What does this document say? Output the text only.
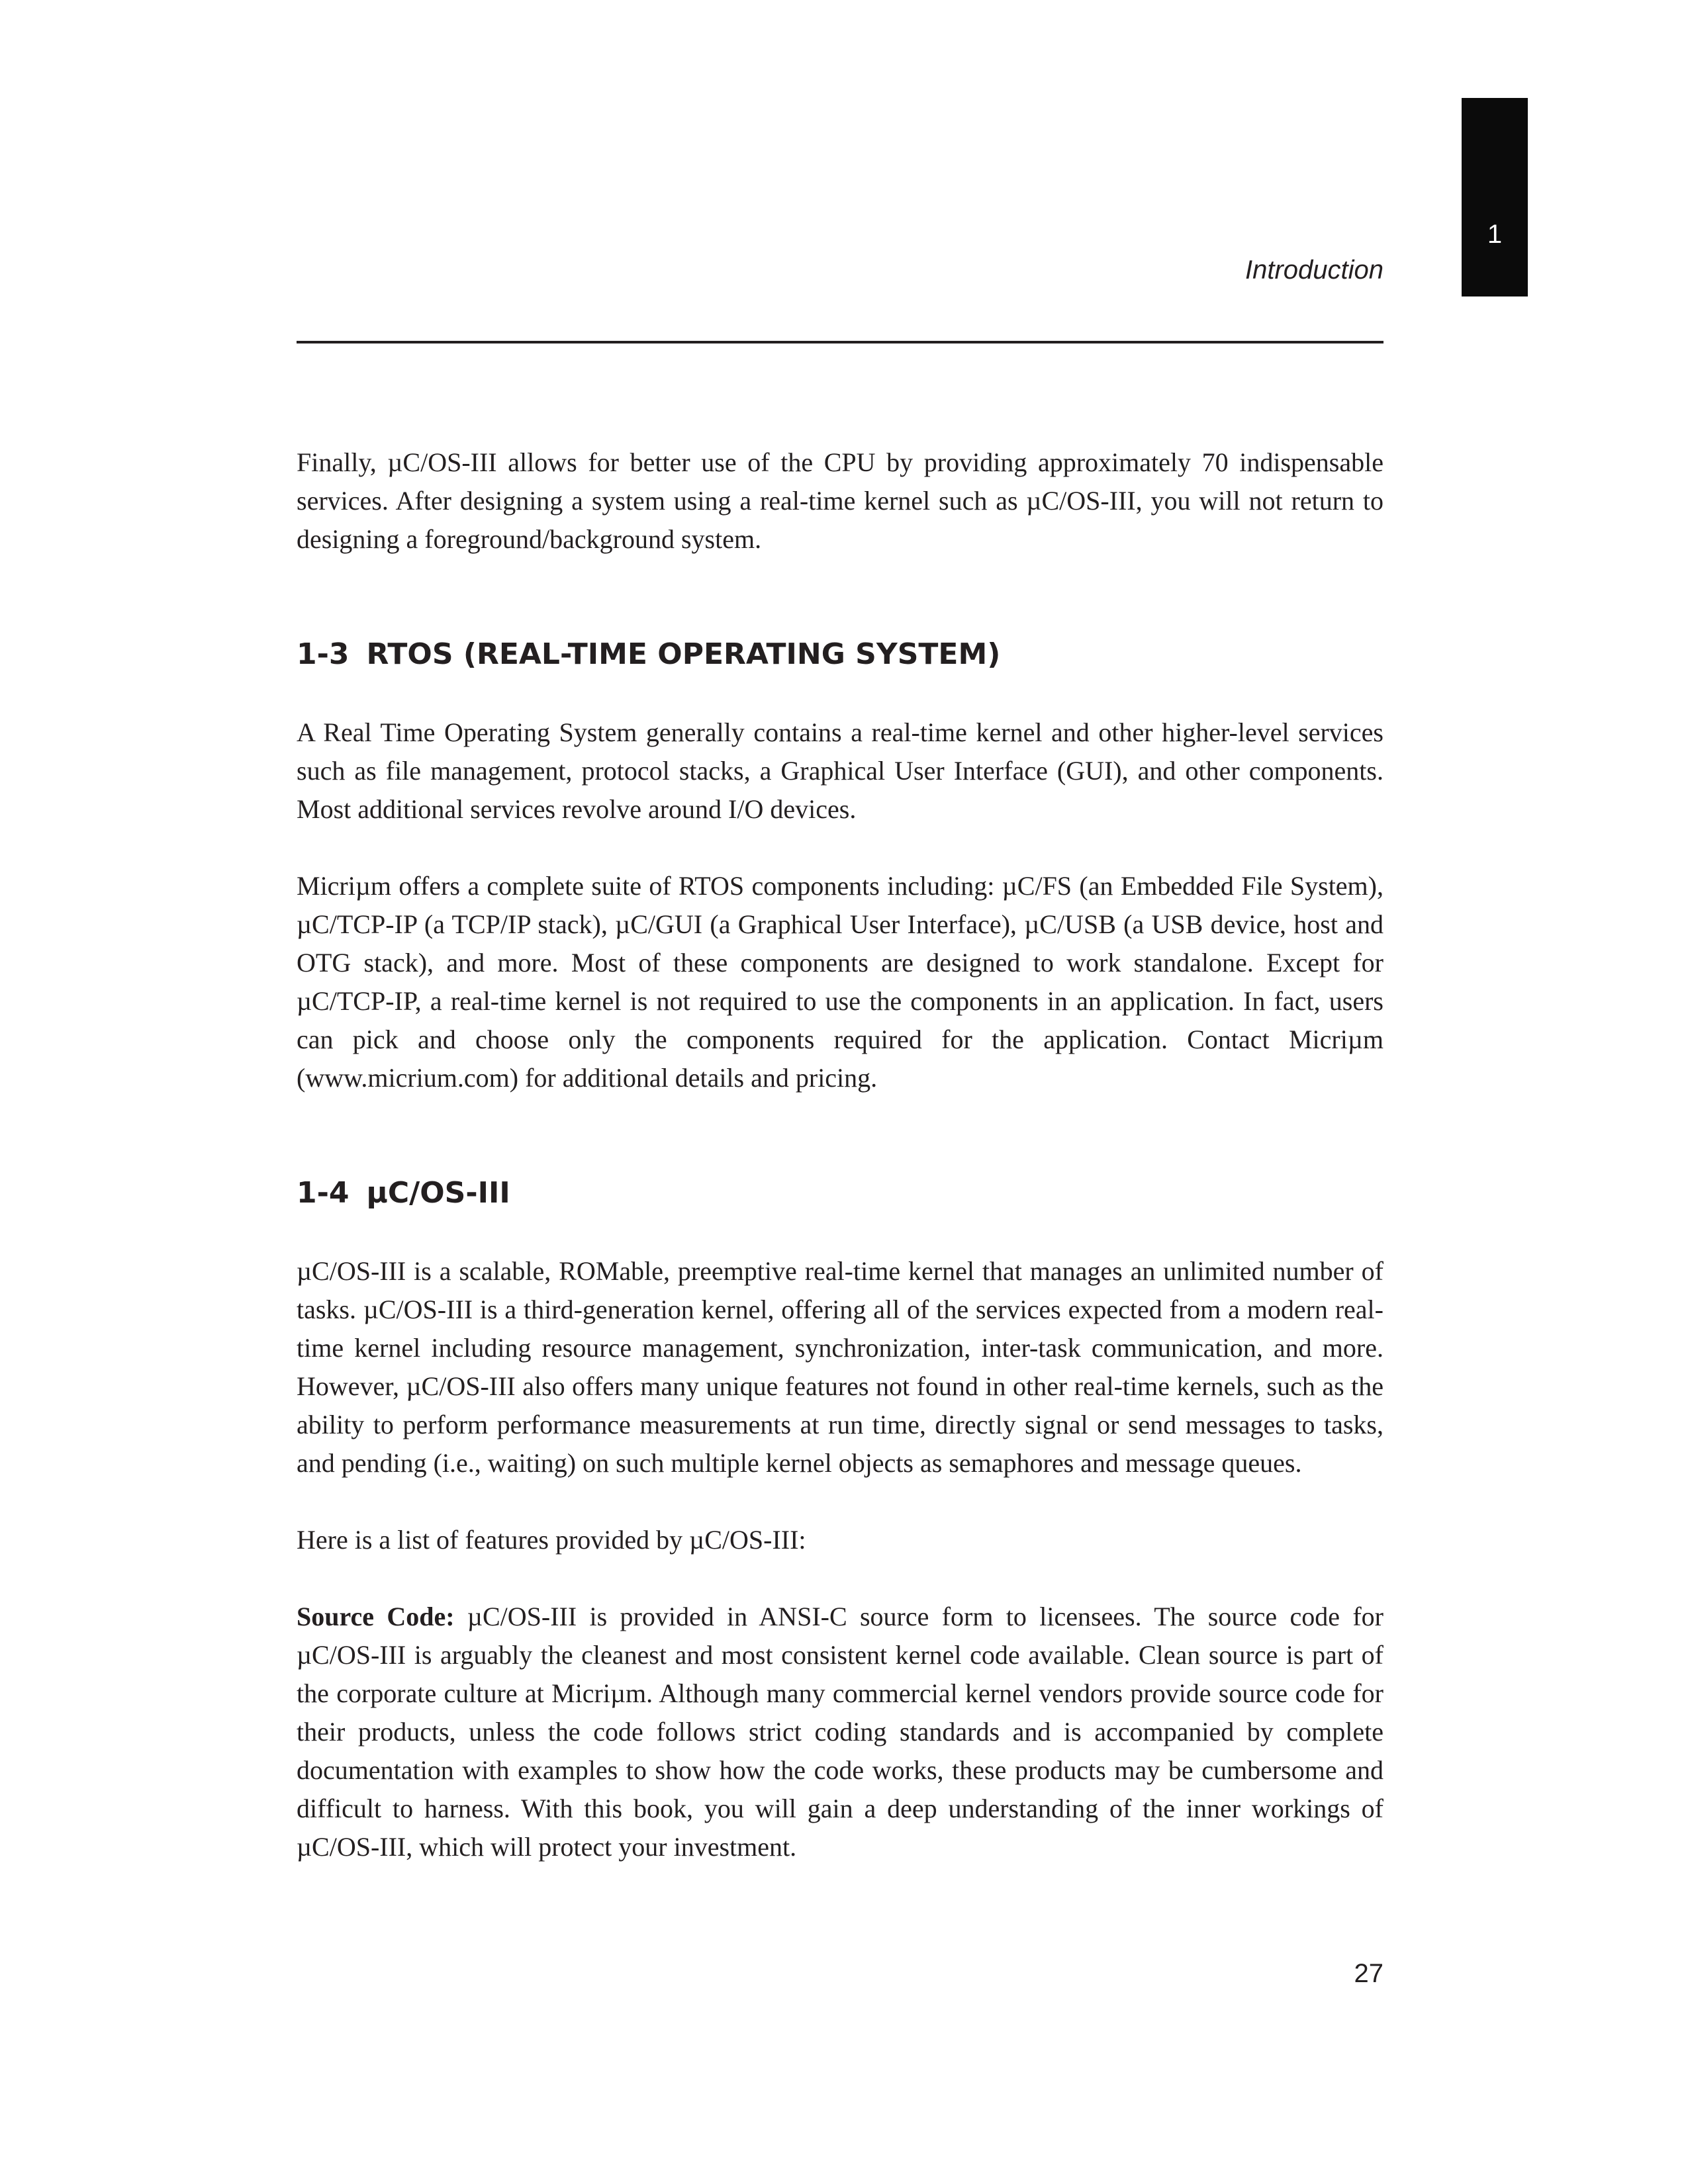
1
Introduction

Finally, µC/OS-III allows for better use of the CPU by providing approximately 70 indispensable services. After designing a system using a real-time kernel such as µC/OS-III, you will not return to designing a foreground/background system.

1-3 RTOS (REAL-TIME OPERATING SYSTEM)

A Real Time Operating System generally contains a real-time kernel and other higher-level services such as file management, protocol stacks, a Graphical User Interface (GUI), and other components. Most additional services revolve around I/O devices.

Micriµm offers a complete suite of RTOS components including: µC/FS (an Embedded File System), µC/TCP-IP (a TCP/IP stack), µC/GUI (a Graphical User Interface), µC/USB (a USB device, host and OTG stack), and more. Most of these components are designed to work standalone. Except for µC/TCP-IP, a real-time kernel is not required to use the components in an application. In fact, users can pick and choose only the components required for the application. Contact Micriµm (www.micrium.com) for additional details and pricing.

1-4 µC/OS-III

µC/OS-III is a scalable, ROMable, preemptive real-time kernel that manages an unlimited number of tasks. µC/OS-III is a third-generation kernel, offering all of the services expected from a modern real-time kernel including resource management, synchronization, inter-task communication, and more. However, µC/OS-III also offers many unique features not found in other real-time kernels, such as the ability to perform performance measurements at run time, directly signal or send messages to tasks, and pending (i.e., waiting) on such multiple kernel objects as semaphores and message queues.

Here is a list of features provided by µC/OS-III:

Source Code: µC/OS-III is provided in ANSI-C source form to licensees. The source code for µC/OS-III is arguably the cleanest and most consistent kernel code available. Clean source is part of the corporate culture at Micriµm. Although many commercial kernel vendors provide source code for their products, unless the code follows strict coding standards and is accompanied by complete documentation with examples to show how the code works, these products may be cumbersome and difficult to harness. With this book, you will gain a deep understanding of the inner workings of µC/OS-III, which will protect your investment.

27
